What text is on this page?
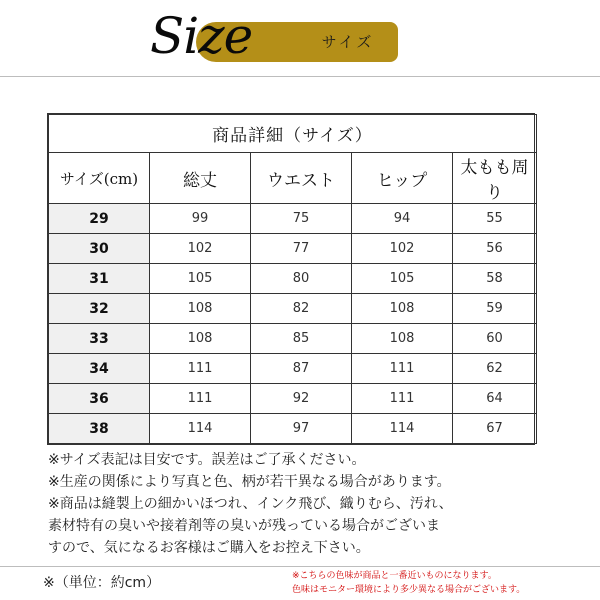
Size	サイズ
商品詳細（サイズ）				
サイズ(cm)	総丈	ウエスト	ヒップ	太もも周り
29	99	75	94	55
30	102	77	102	56
31	105	80	105	58
32	108	82	108	59
33	108	85	108	60
34	111	87	111	62
36	111	92	111	64
38	114	97	114	67
※サイズ表記は目安です。誤差はご了承ください。
※生産の関係により写真と色、柄が若干異なる場合があります。
※商品は縫製上の細かいほつれ、インク飛び、織りむら、汚れ、
素材特有の臭いや接着剤等の臭いが残っている場合がございま
すので、気になるお客様はご購入をお控え下さい。
※（単位：約cm）	※こちらの色味が商品と一番近いものになります。
色味はモニター環境により多少異なる場合がございます。
